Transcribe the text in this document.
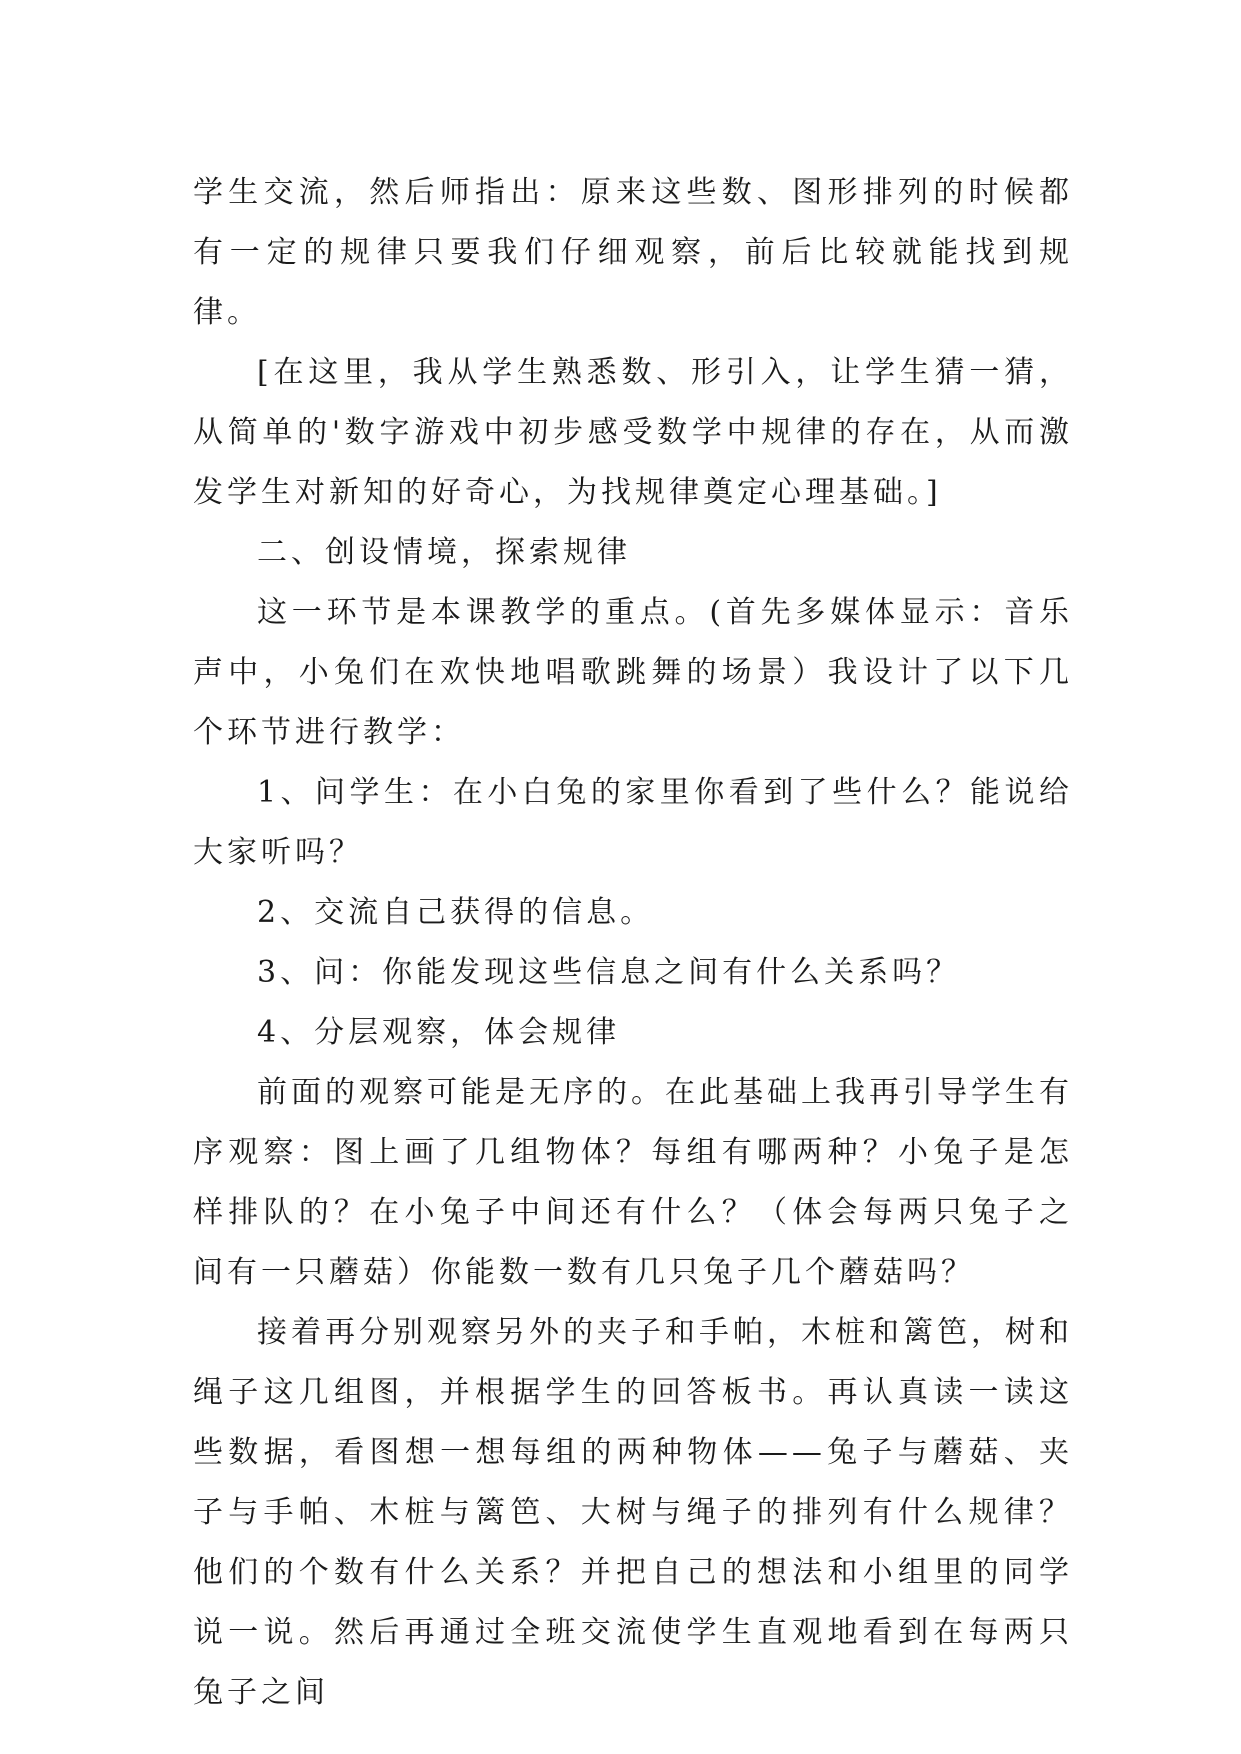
学生交流，然后师指出：原来这些数、图形排列的时候都有一定的规律只要我们仔细观察，前后比较就能找到规律。

[在这里，我从学生熟悉数、形引入，让学生猜一猜，从简单的'数字游戏中初步感受数学中规律的存在，从而激发学生对新知的好奇心，为找规律奠定心理基础。]

二、创设情境，探索规律

这一环节是本课教学的重点。(首先多媒体显示：音乐声中，小兔们在欢快地唱歌跳舞的场景）我设计了以下几个环节进行教学：

1、问学生：在小白兔的家里你看到了些什么？能说给大家听吗？

2、交流自己获得的信息。

3、问：你能发现这些信息之间有什么关系吗？

4、分层观察，体会规律

前面的观察可能是无序的。在此基础上我再引导学生有序观察：图上画了几组物体？每组有哪两种？小兔子是怎样排队的？在小兔子中间还有什么？（体会每两只兔子之间有一只蘑菇）你能数一数有几只兔子几个蘑菇吗？

接着再分别观察另外的夹子和手帕，木桩和篱笆，树和绳子这几组图，并根据学生的回答板书。再认真读一读这些数据，看图想一想每组的两种物体——兔子与蘑菇、夹子与手帕、木桩与篱笆、大树与绳子的排列有什么规律？他们的个数有什么关系？并把自己的想法和小组里的同学说一说。然后再通过全班交流使学生直观地看到在每两只兔子之间
